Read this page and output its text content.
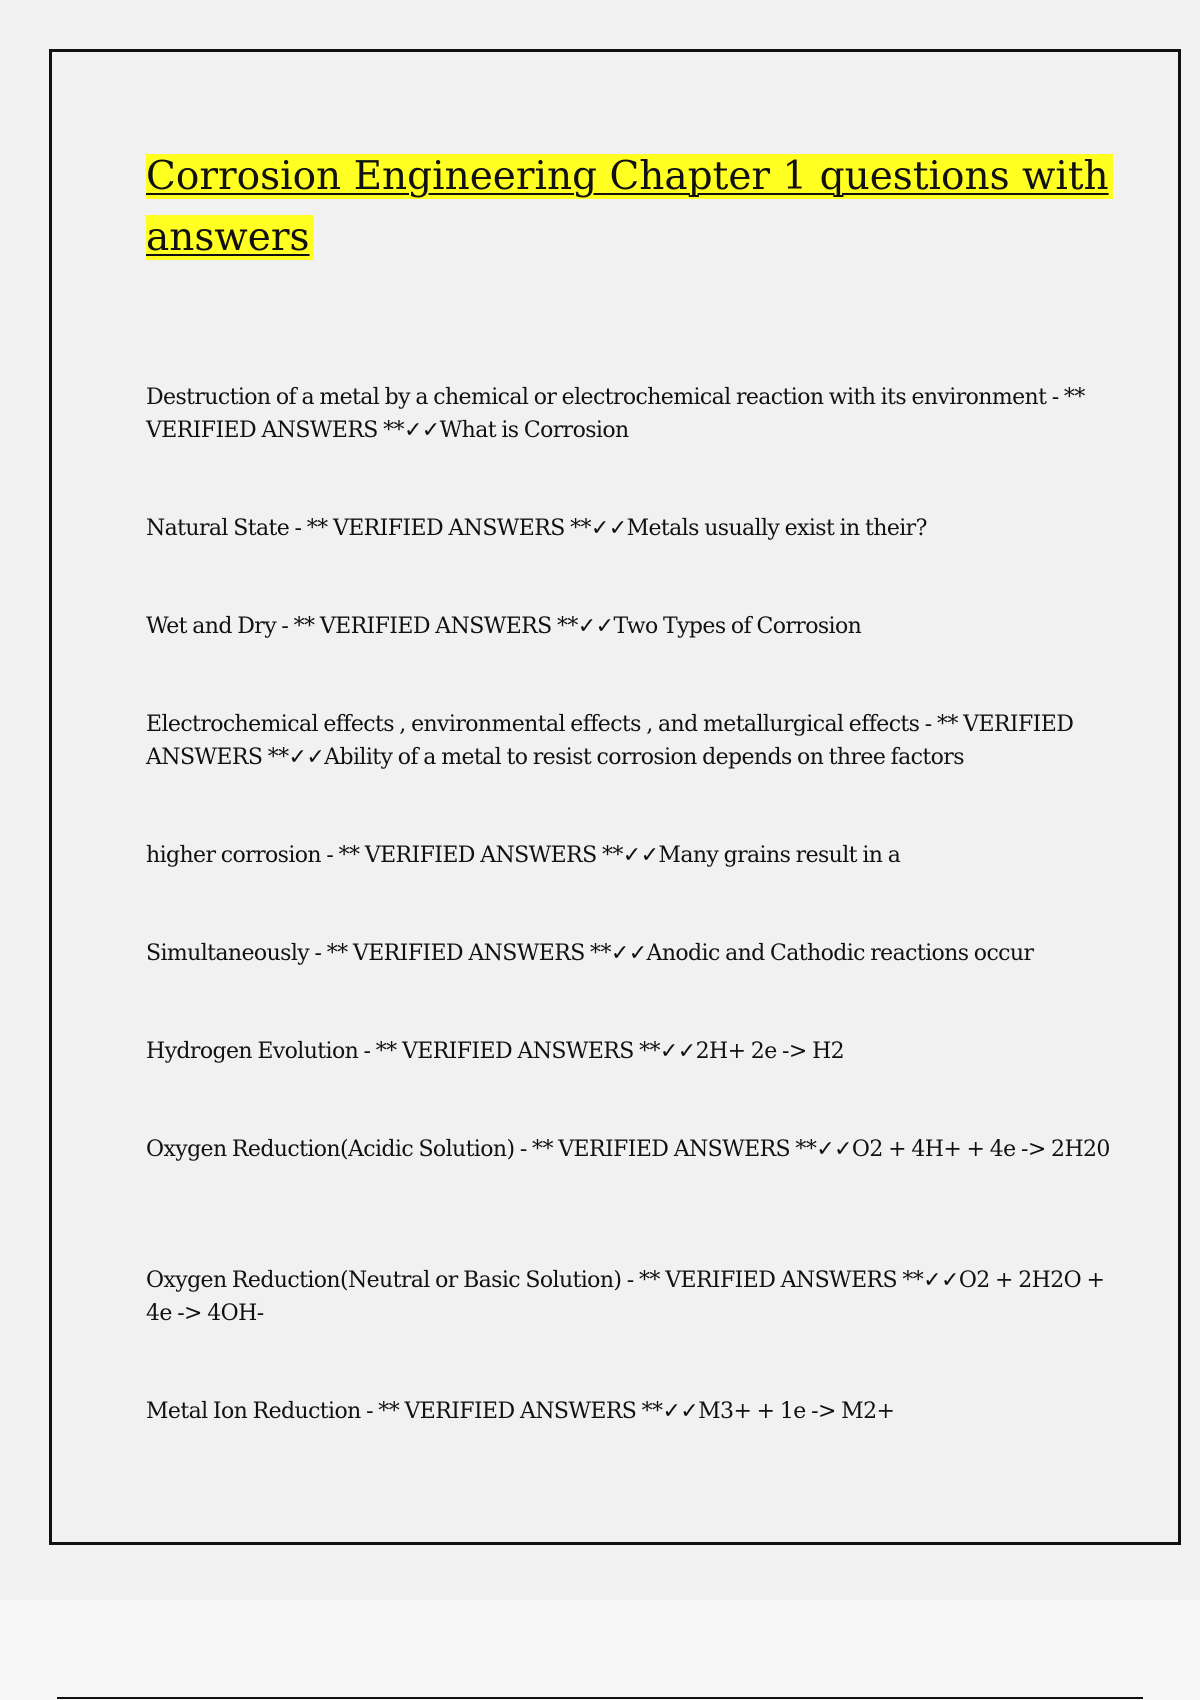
Corrosion Engineering Chapter 1 questions with answers
Destruction of a metal by a chemical or electrochemical reaction with its environment - ** VERIFIED ANSWERS **✓✓What is Corrosion
Natural State - ** VERIFIED ANSWERS **✓✓Metals usually exist in their?
Wet and Dry - ** VERIFIED ANSWERS **✓✓Two Types of Corrosion
Electrochemical effects , environmental effects , and metallurgical effects - ** VERIFIED ANSWERS **✓✓Ability of a metal to resist corrosion depends on three factors
higher corrosion - ** VERIFIED ANSWERS **✓✓Many grains result in a
Simultaneously - ** VERIFIED ANSWERS **✓✓Anodic and Cathodic reactions occur
Hydrogen Evolution - ** VERIFIED ANSWERS **✓✓2H+ 2e -> H2
Oxygen Reduction(Acidic Solution) - ** VERIFIED ANSWERS **✓✓O2 + 4H+ + 4e -> 2H20
Oxygen Reduction(Neutral or Basic Solution) - ** VERIFIED ANSWERS **✓✓O2 + 2H2O + 4e -> 4OH-
Metal Ion Reduction - ** VERIFIED ANSWERS **✓✓M3+ + 1e -> M2+
